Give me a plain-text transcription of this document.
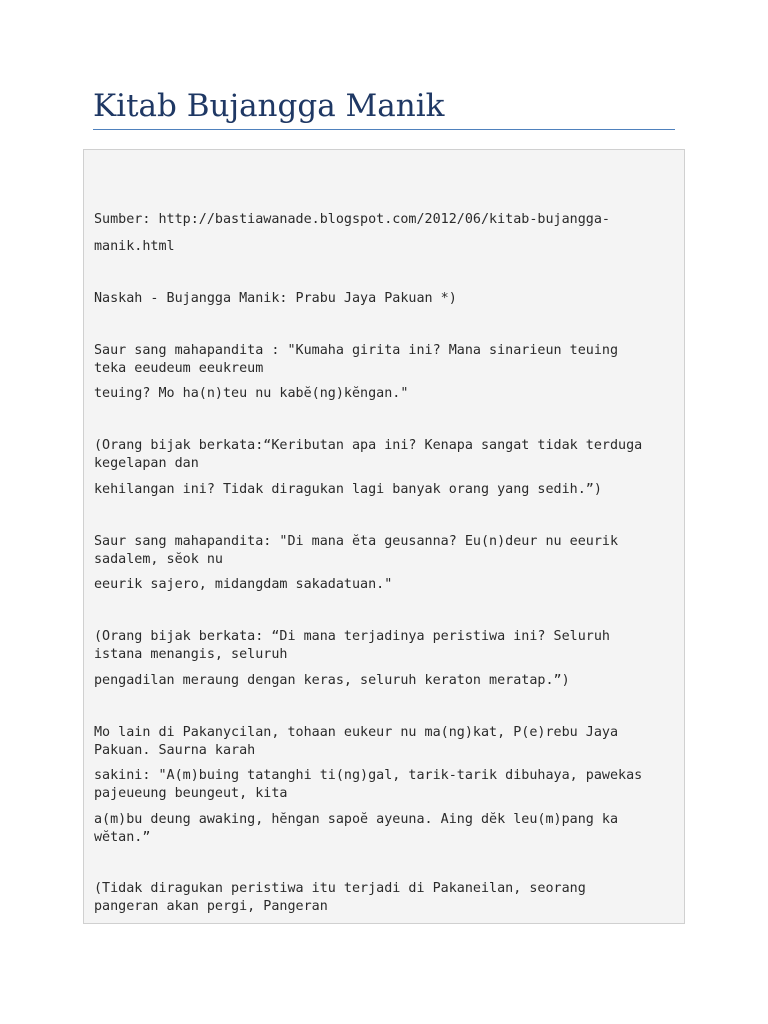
Kitab Bujangga Manik

Sumber: http://bastiawanade.blogspot.com/2012/06/kitab-bujangga-

manik.html

Naskah - Bujangga Manik: Prabu Jaya Pakuan *)

Saur sang mahapandita : "Kumaha girita ini? Mana sinarieun teuing
teka eeudeum eeukreum

teuing? Mo ha(n)teu nu kabĕ(ng)kĕngan."

(Orang bijak berkata:“Keributan apa ini? Kenapa sangat tidak terduga
kegelapan dan

kehilangan ini? Tidak diragukan lagi banyak orang yang sedih.”)

Saur sang mahapandita: "Di mana ĕta geusanna? Eu(n)deur nu eeurik
sadalem, sĕok nu

eeurik sajero, midangdam sakadatuan."

(Orang bijak berkata: “Di mana terjadinya peristiwa ini? Seluruh
istana menangis, seluruh

pengadilan meraung dengan keras, seluruh keraton meratap.”)

Mo lain di Pakanycilan, tohaan eukeur nu ma(ng)kat, P(e)rebu Jaya
Pakuan. Saurna karah

sakini: "A(m)buing tatanghi ti(ng)gal, tarik-tarik dibuhaya, pawekas
pajeueung beungeut, kita

a(m)bu deung awaking, hĕngan sapoĕ ayeuna. Aing dĕk leu(m)pang ka
wĕtan.”

(Tidak diragukan peristiwa itu terjadi di Pakaneilan, seorang
pangeran akan pergi, Pangeran
